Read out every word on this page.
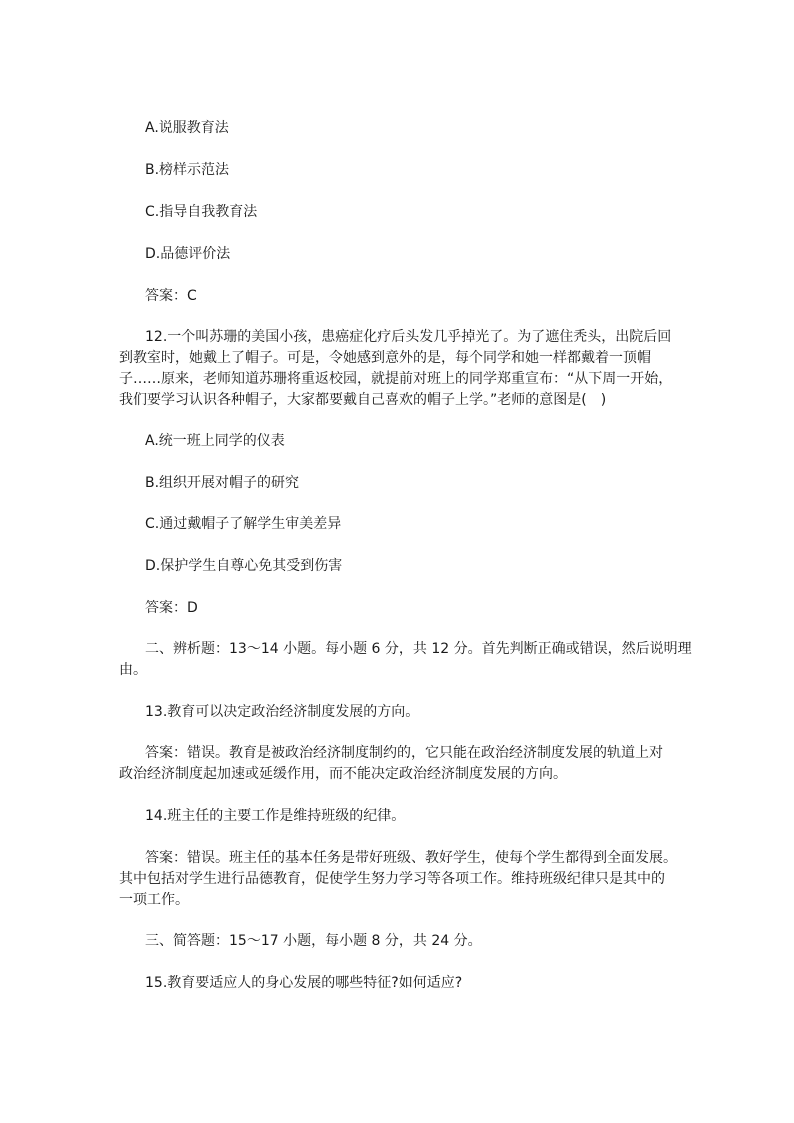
A.说服教育法

B.榜样示范法

C.指导自我教育法

D.品德评价法

答案：C

12.一个叫苏珊的美国小孩，患癌症化疗后头发几乎掉光了。为了遮住秃头，出院后回
到教室时，她戴上了帽子。可是，令她感到意外的是，每个同学和她一样都戴着一顶帽
子……原来，老师知道苏珊将重返校园，就提前对班上的同学郑重宣布：“从下周一开始，
我们要学习认识各种帽子，大家都要戴自己喜欢的帽子上学。”老师的意图是(　)

A.统一班上同学的仪表

B.组织开展对帽子的研究

C.通过戴帽子了解学生审美差异

D.保护学生自尊心免其受到伤害

答案：D

二、辨析题：13～14 小题。每小题 6 分，共 12 分。首先判断正确或错误，然后说明理
由。

13.教育可以决定政治经济制度发展的方向。

答案：错误。教育是被政治经济制度制约的，它只能在政治经济制度发展的轨道上对
政治经济制度起加速或延缓作用，而不能决定政治经济制度发展的方向。

14.班主任的主要工作是维持班级的纪律。

答案：错误。班主任的基本任务是带好班级、教好学生，使每个学生都得到全面发展。
其中包括对学生进行品德教育，促使学生努力学习等各项工作。维持班级纪律只是其中的
一项工作。

三、简答题：15～17 小题，每小题 8 分，共 24 分。

15.教育要适应人的身心发展的哪些特征?如何适应?
